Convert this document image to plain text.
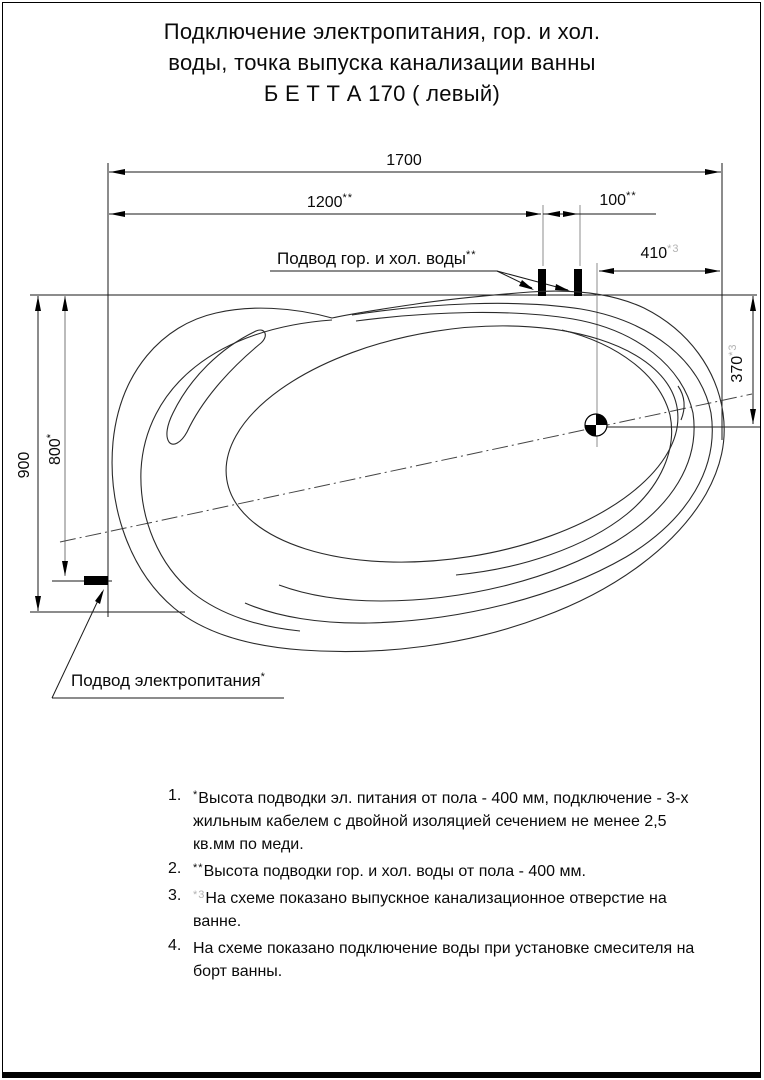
Подключение электропитания, гор. и хол.
воды, точка выпуска канализации ванны
Б Е Т Т А 170 ( левый)
1700
1200**	100**
410$^{*3}$
370$^{*3}$
900
800*
Подвод гор. и хол. воды**
Подвод электропитания*
1.	*Высота подводки эл. питания от пола - 400 мм, подключение - 3-х жильным кабелем с двойной изоляцией сечением не менее 2,5 кв.мм по меди.
2.	**Высота подводки гор. и хол. воды от пола - 400 мм.
3.	$^{*3}$На схеме показано выпускное канализационное отверстие на ванне.
4. На схеме показано подключение воды при установке смесителя на борт ванны.
